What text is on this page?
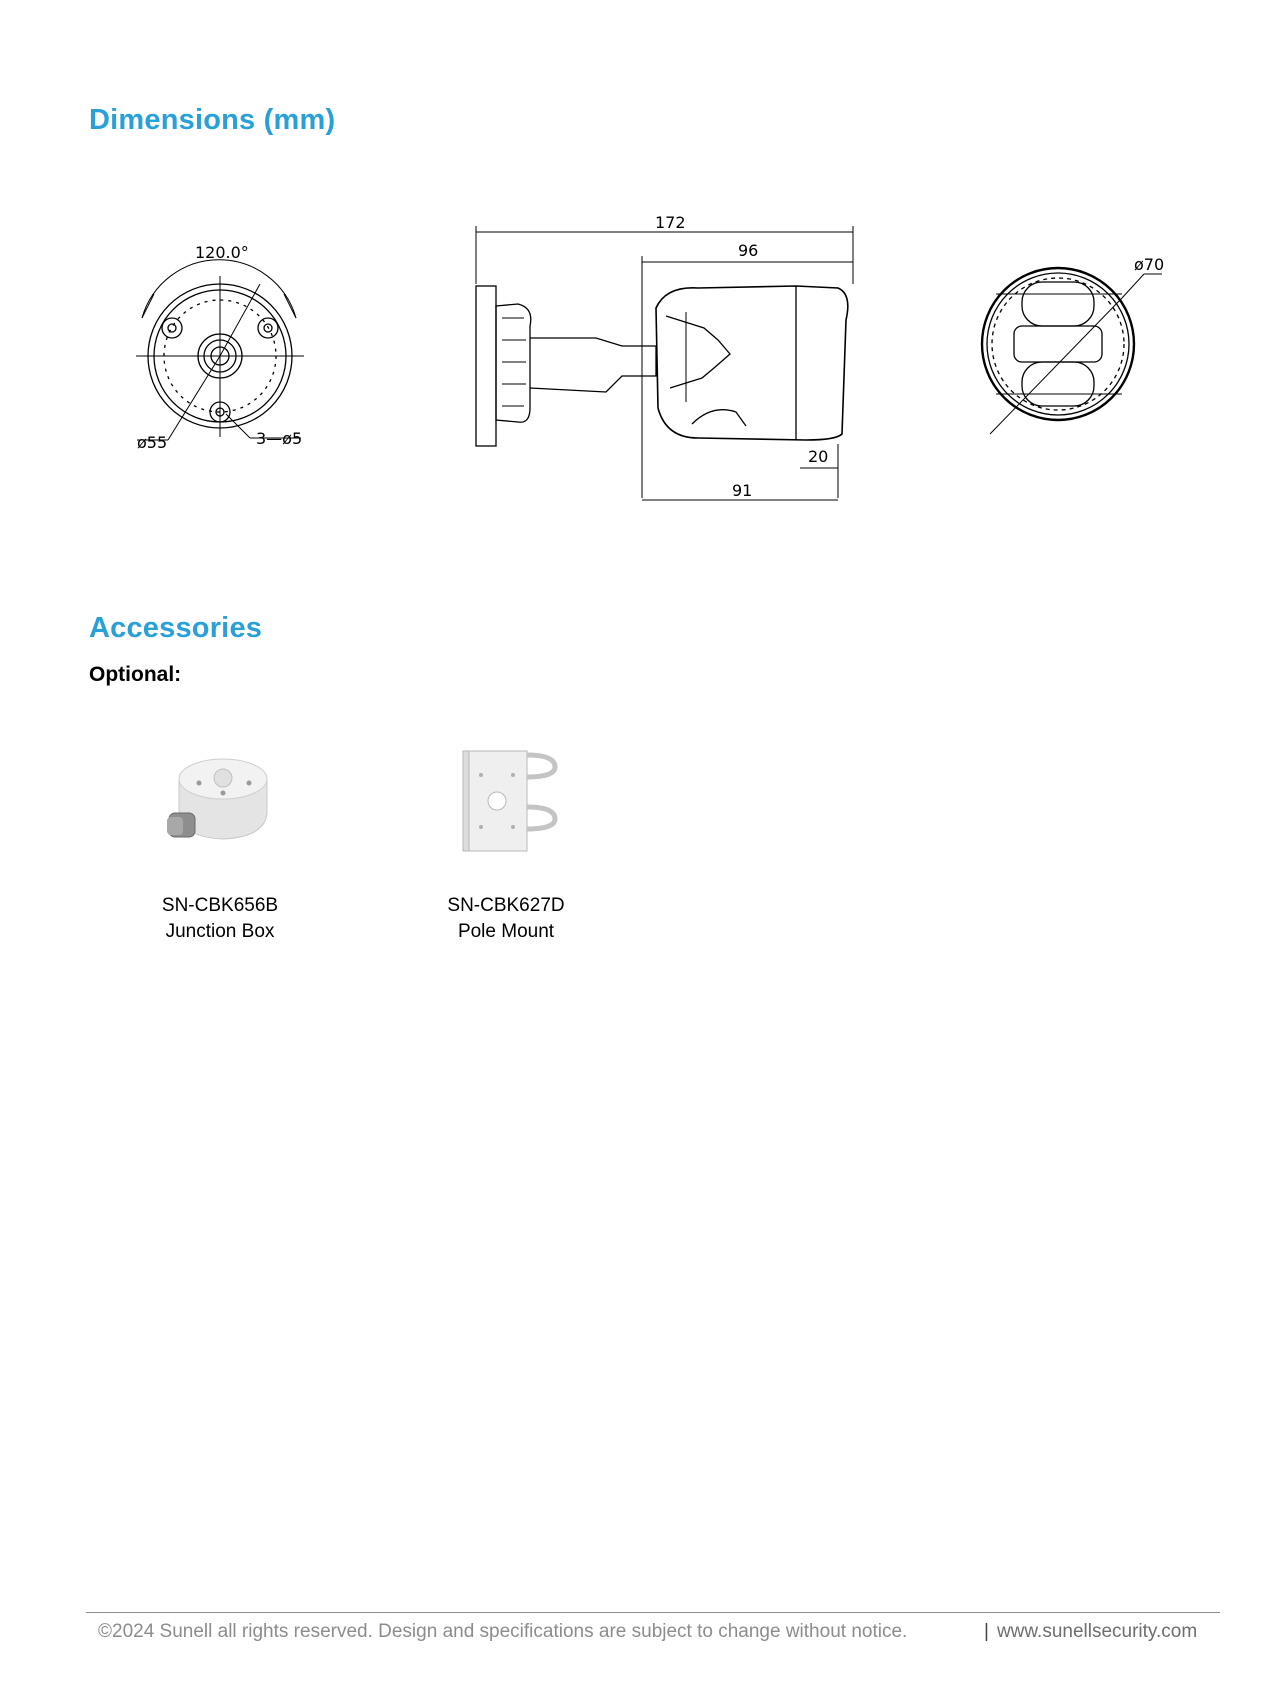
Dimensions (mm)
120.0°
ø55	3—ø5
172
96
20
91
ø70
Accessories
Optional:
SN-CBK656B
Junction Box
SN-CBK627D
Pole Mount
©2024 Sunell all rights reserved. Design and specifications are subject to change without notice.	| www.sunellsecurity.com
